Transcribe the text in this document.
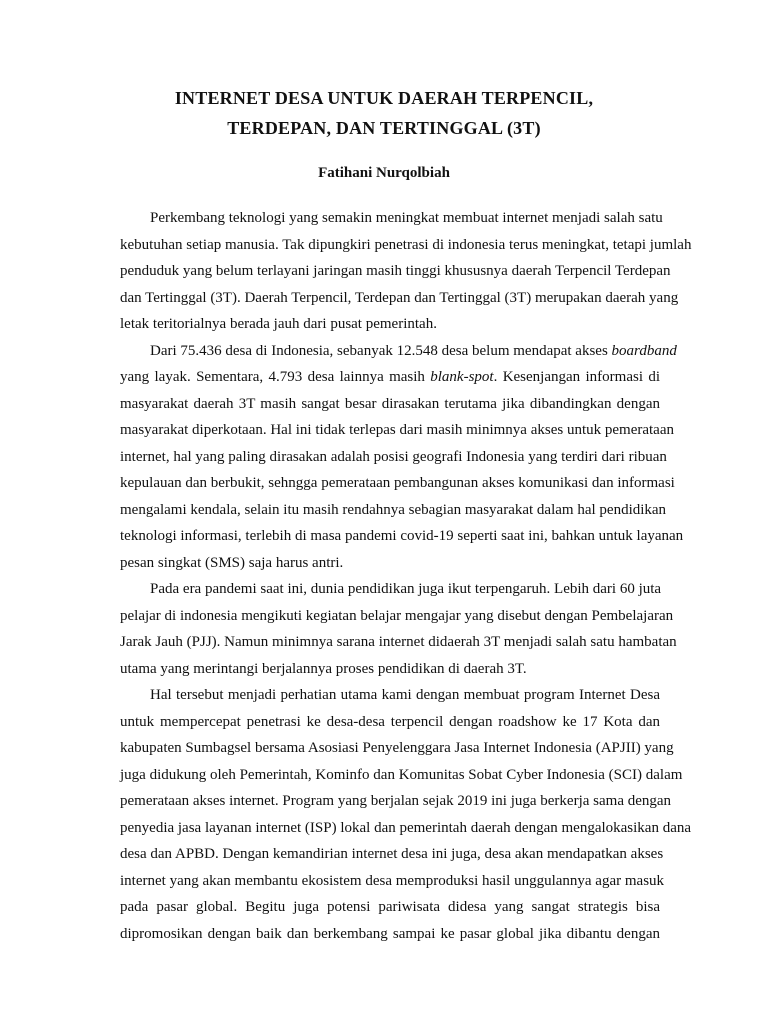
INTERNET DESA UNTUK DAERAH TERPENCIL,
TERDEPAN, DAN TERTINGGAL (3T)

Fatihani Nurqolbiah

Perkembang teknologi yang semakin meningkat membuat internet menjadi salah satu
kebutuhan setiap manusia. Tak dipungkiri penetrasi di indonesia terus meningkat, tetapi jumlah
penduduk yang belum terlayani jaringan masih tinggi khususnya daerah Terpencil Terdepan
dan Tertinggal (3T). Daerah Terpencil, Terdepan dan Tertinggal (3T) merupakan daerah yang
letak teritorialnya berada jauh dari pusat pemerintah.
Dari 75.436 desa di Indonesia, sebanyak 12.548 desa belum mendapat akses boardband
yang layak. Sementara, 4.793 desa lainnya masih blank-spot. Kesenjangan informasi di
masyarakat daerah 3T masih sangat besar dirasakan terutama jika dibandingkan dengan
masyarakat diperkotaan. Hal ini tidak terlepas dari masih minimnya akses untuk pemerataan
internet, hal yang paling dirasakan adalah posisi geografi Indonesia yang terdiri dari ribuan
kepulauan dan berbukit, sehngga pemerataan pembangunan akses komunikasi dan informasi
mengalami kendala, selain itu masih rendahnya sebagian masyarakat dalam hal pendidikan
teknologi informasi, terlebih di masa pandemi covid-19 seperti saat ini, bahkan untuk layanan
pesan singkat (SMS) saja harus antri.
Pada era pandemi saat ini, dunia pendidikan juga ikut terpengaruh. Lebih dari 60 juta
pelajar di indonesia mengikuti kegiatan belajar mengajar yang disebut dengan Pembelajaran
Jarak Jauh (PJJ). Namun minimnya sarana internet didaerah 3T menjadi salah satu hambatan
utama yang merintangi berjalannya proses pendidikan di daerah 3T.
Hal tersebut menjadi perhatian utama kami dengan membuat program Internet Desa
untuk mempercepat penetrasi ke desa-desa terpencil dengan roadshow ke 17 Kota dan
kabupaten Sumbagsel bersama Asosiasi Penyelenggara Jasa Internet Indonesia (APJII) yang
juga didukung oleh Pemerintah, Kominfo dan Komunitas Sobat Cyber Indonesia (SCI) dalam
pemerataan akses internet. Program yang berjalan sejak 2019 ini juga berkerja sama dengan
penyedia jasa layanan internet (ISP) lokal dan pemerintah daerah dengan mengalokasikan dana
desa dan APBD. Dengan kemandirian internet desa ini juga, desa akan mendapatkan akses
internet yang akan membantu ekosistem desa memproduksi hasil unggulannya agar masuk
pada pasar global. Begitu juga potensi pariwisata didesa yang sangat strategis bisa
dipromosikan dengan baik dan berkembang sampai ke pasar global jika dibantu dengan
